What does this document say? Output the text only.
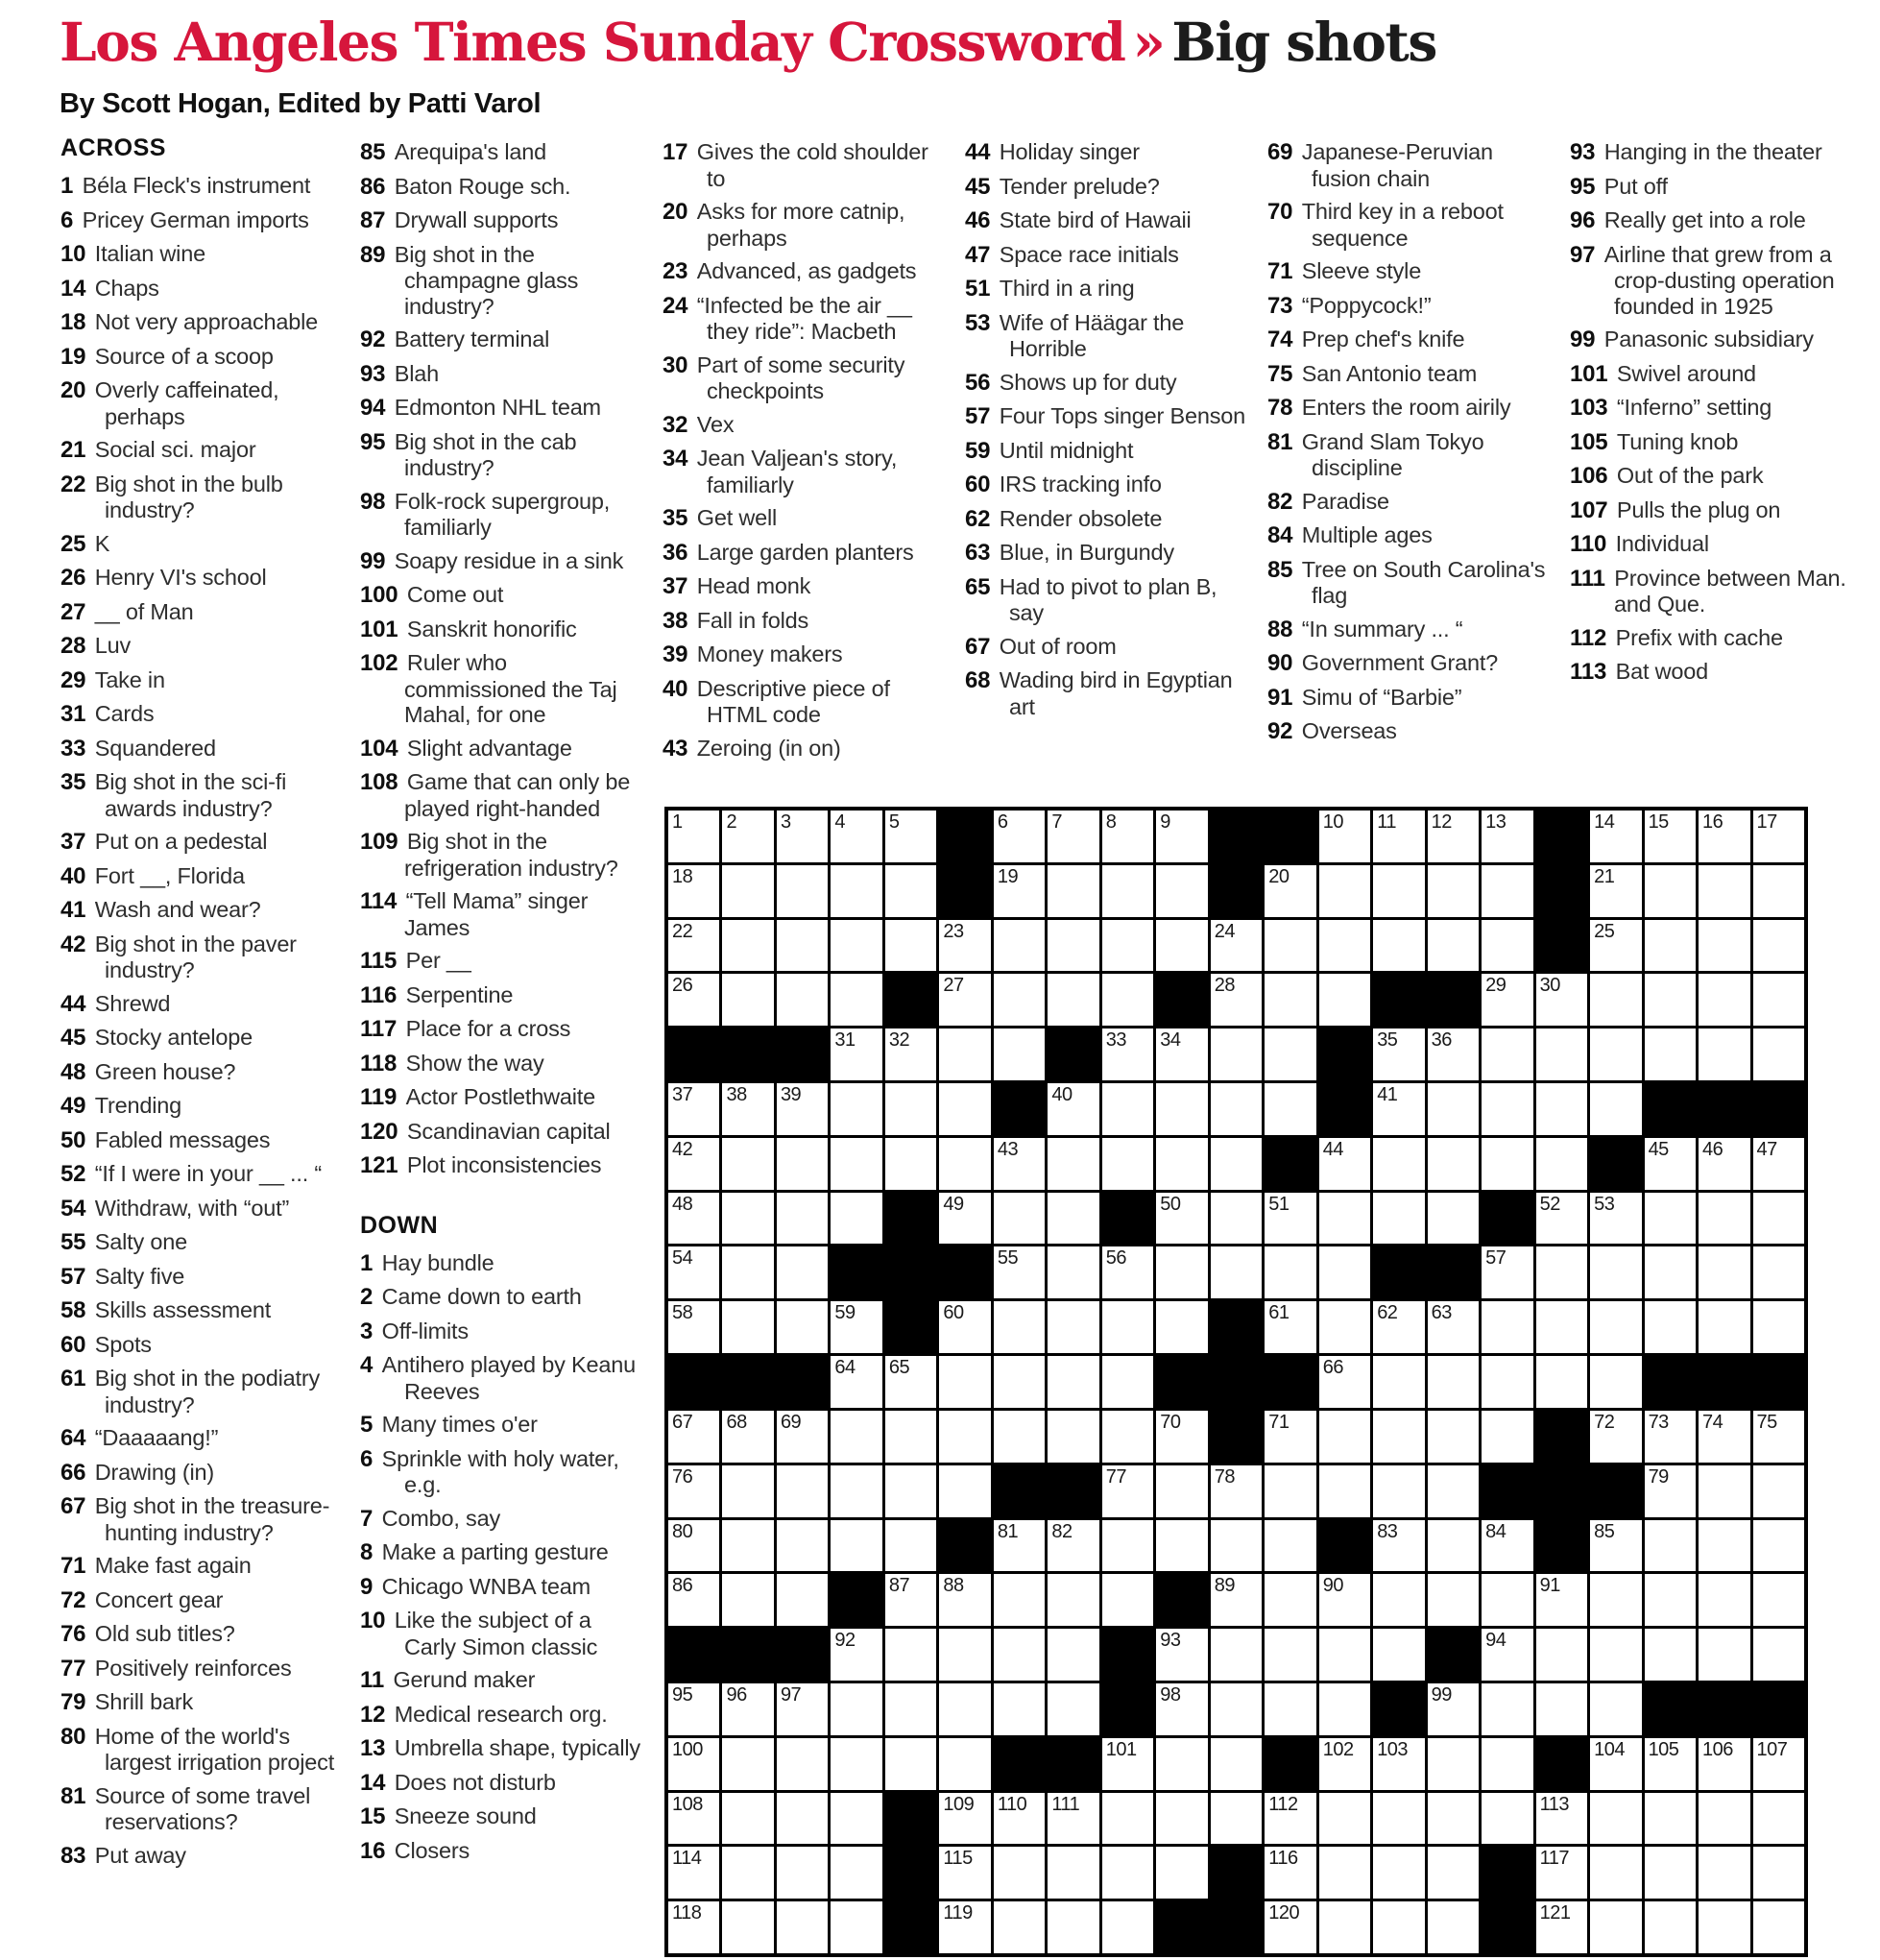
Los Angeles Times Sunday Crossword » Big shots
By Scott Hogan, Edited by Patti Varol
ACROSS
1 Béla Fleck's instrument
6 Pricey German imports
10 Italian wine
14 Chaps
18 Not very approachable
19 Source of a scoop
20 Overly caffeinated, perhaps
21 Social sci. major
22 Big shot in the bulb industry?
25 K
26 Henry VI's school
27 __ of Man
28 Luv
29 Take in
31 Cards
33 Squandered
35 Big shot in the sci-fi awards industry?
37 Put on a pedestal
40 Fort __, Florida
41 Wash and wear?
42 Big shot in the paver industry?
44 Shrewd
45 Stocky antelope
48 Green house?
49 Trending
50 Fabled messages
52 “If I were in your __ ... “
54 Withdraw, with “out”
55 Salty one
57 Salty five
58 Skills assessment
60 Spots
61 Big shot in the podiatry industry?
64 “Daaaaang!”
66 Drawing (in)
67 Big shot in the treasure-hunting industry?
71 Make fast again
72 Concert gear
76 Old sub titles?
77 Positively reinforces
79 Shrill bark
80 Home of the world's largest irrigation project
81 Source of some travel reservations?
83 Put away
85 Arequipa's land
86 Baton Rouge sch.
87 Drywall supports
89 Big shot in the champagne glass industry?
92 Battery terminal
93 Blah
94 Edmonton NHL team
95 Big shot in the cab industry?
98 Folk-rock supergroup, familiarly
99 Soapy residue in a sink
100 Come out
101 Sanskrit honorific
102 Ruler who commissioned the Taj Mahal, for one
104 Slight advantage
108 Game that can only be played right-handed
109 Big shot in the refrigeration industry?
114 “Tell Mama” singer James
115 Per __
116 Serpentine
117 Place for a cross
118 Show the way
119 Actor Postlethwaite
120 Scandinavian capital
121 Plot inconsistencies
DOWN
1 Hay bundle
2 Came down to earth
3 Off-limits
4 Antihero played by Keanu Reeves
5 Many times o'er
6 Sprinkle with holy water, e.g.
7 Combo, say
8 Make a parting gesture
9 Chicago WNBA team
10 Like the subject of a Carly Simon classic
11 Gerund maker
12 Medical research org.
13 Umbrella shape, typically
14 Does not disturb
15 Sneeze sound
16 Closers
17 Gives the cold shoulder to
20 Asks for more catnip, perhaps
23 Advanced, as gadgets
24 “Infected be the air __ they ride”: Macbeth
30 Part of some security checkpoints
32 Vex
34 Jean Valjean's story, familiarly
35 Get well
36 Large garden planters
37 Head monk
38 Fall in folds
39 Money makers
40 Descriptive piece of HTML code
43 Zeroing (in on)
44 Holiday singer
45 Tender prelude?
46 State bird of Hawaii
47 Space race initials
51 Third in a ring
53 Wife of Häägar the Horrible
56 Shows up for duty
57 Four Tops singer Benson
59 Until midnight
60 IRS tracking info
62 Render obsolete
63 Blue, in Burgundy
65 Had to pivot to plan B, say
67 Out of room
68 Wading bird in Egyptian art
69 Japanese-Peruvian fusion chain
70 Third key in a reboot sequence
71 Sleeve style
73 “Poppycock!”
74 Prep chef's knife
75 San Antonio team
78 Enters the room airily
81 Grand Slam Tokyo discipline
82 Paradise
84 Multiple ages
85 Tree on South Carolina's flag
88 “In summary ... “
90 Government Grant?
91 Simu of “Barbie”
92 Overseas
93 Hanging in the theater
95 Put off
96 Really get into a role
97 Airline that grew from a crop-dusting operation founded in 1925
99 Panasonic subsidiary
101 Swivel around
103 “Inferno” setting
105 Tuning knob
106 Out of the park
107 Pulls the plug on
110 Individual
111 Province between Man. and Que.
112 Prefix with cache
113 Bat wood
1 2 3 4 5	6 7 8 9	10 11 12 13	14 15 16 17
18	19	20	21
22	23	24	25
26	27	28	29 30
31 32	33 34	35 36
37 38 39	40	41
42	43	44	45 46 47
48	49	50	51	52 53
54	55	56	57
58	59	60	61	62 63
64 65	66
67 68 69	70	71	72 73 74 75
76	77	78	79
80	81 82	83	84	85
86	87 88	89	90	91
92	93	94
95 96 97	98	99
100	101	102 103	104 105 106 107
108	109 110 111	112	113
114	115	116	117
118	119	120	121
